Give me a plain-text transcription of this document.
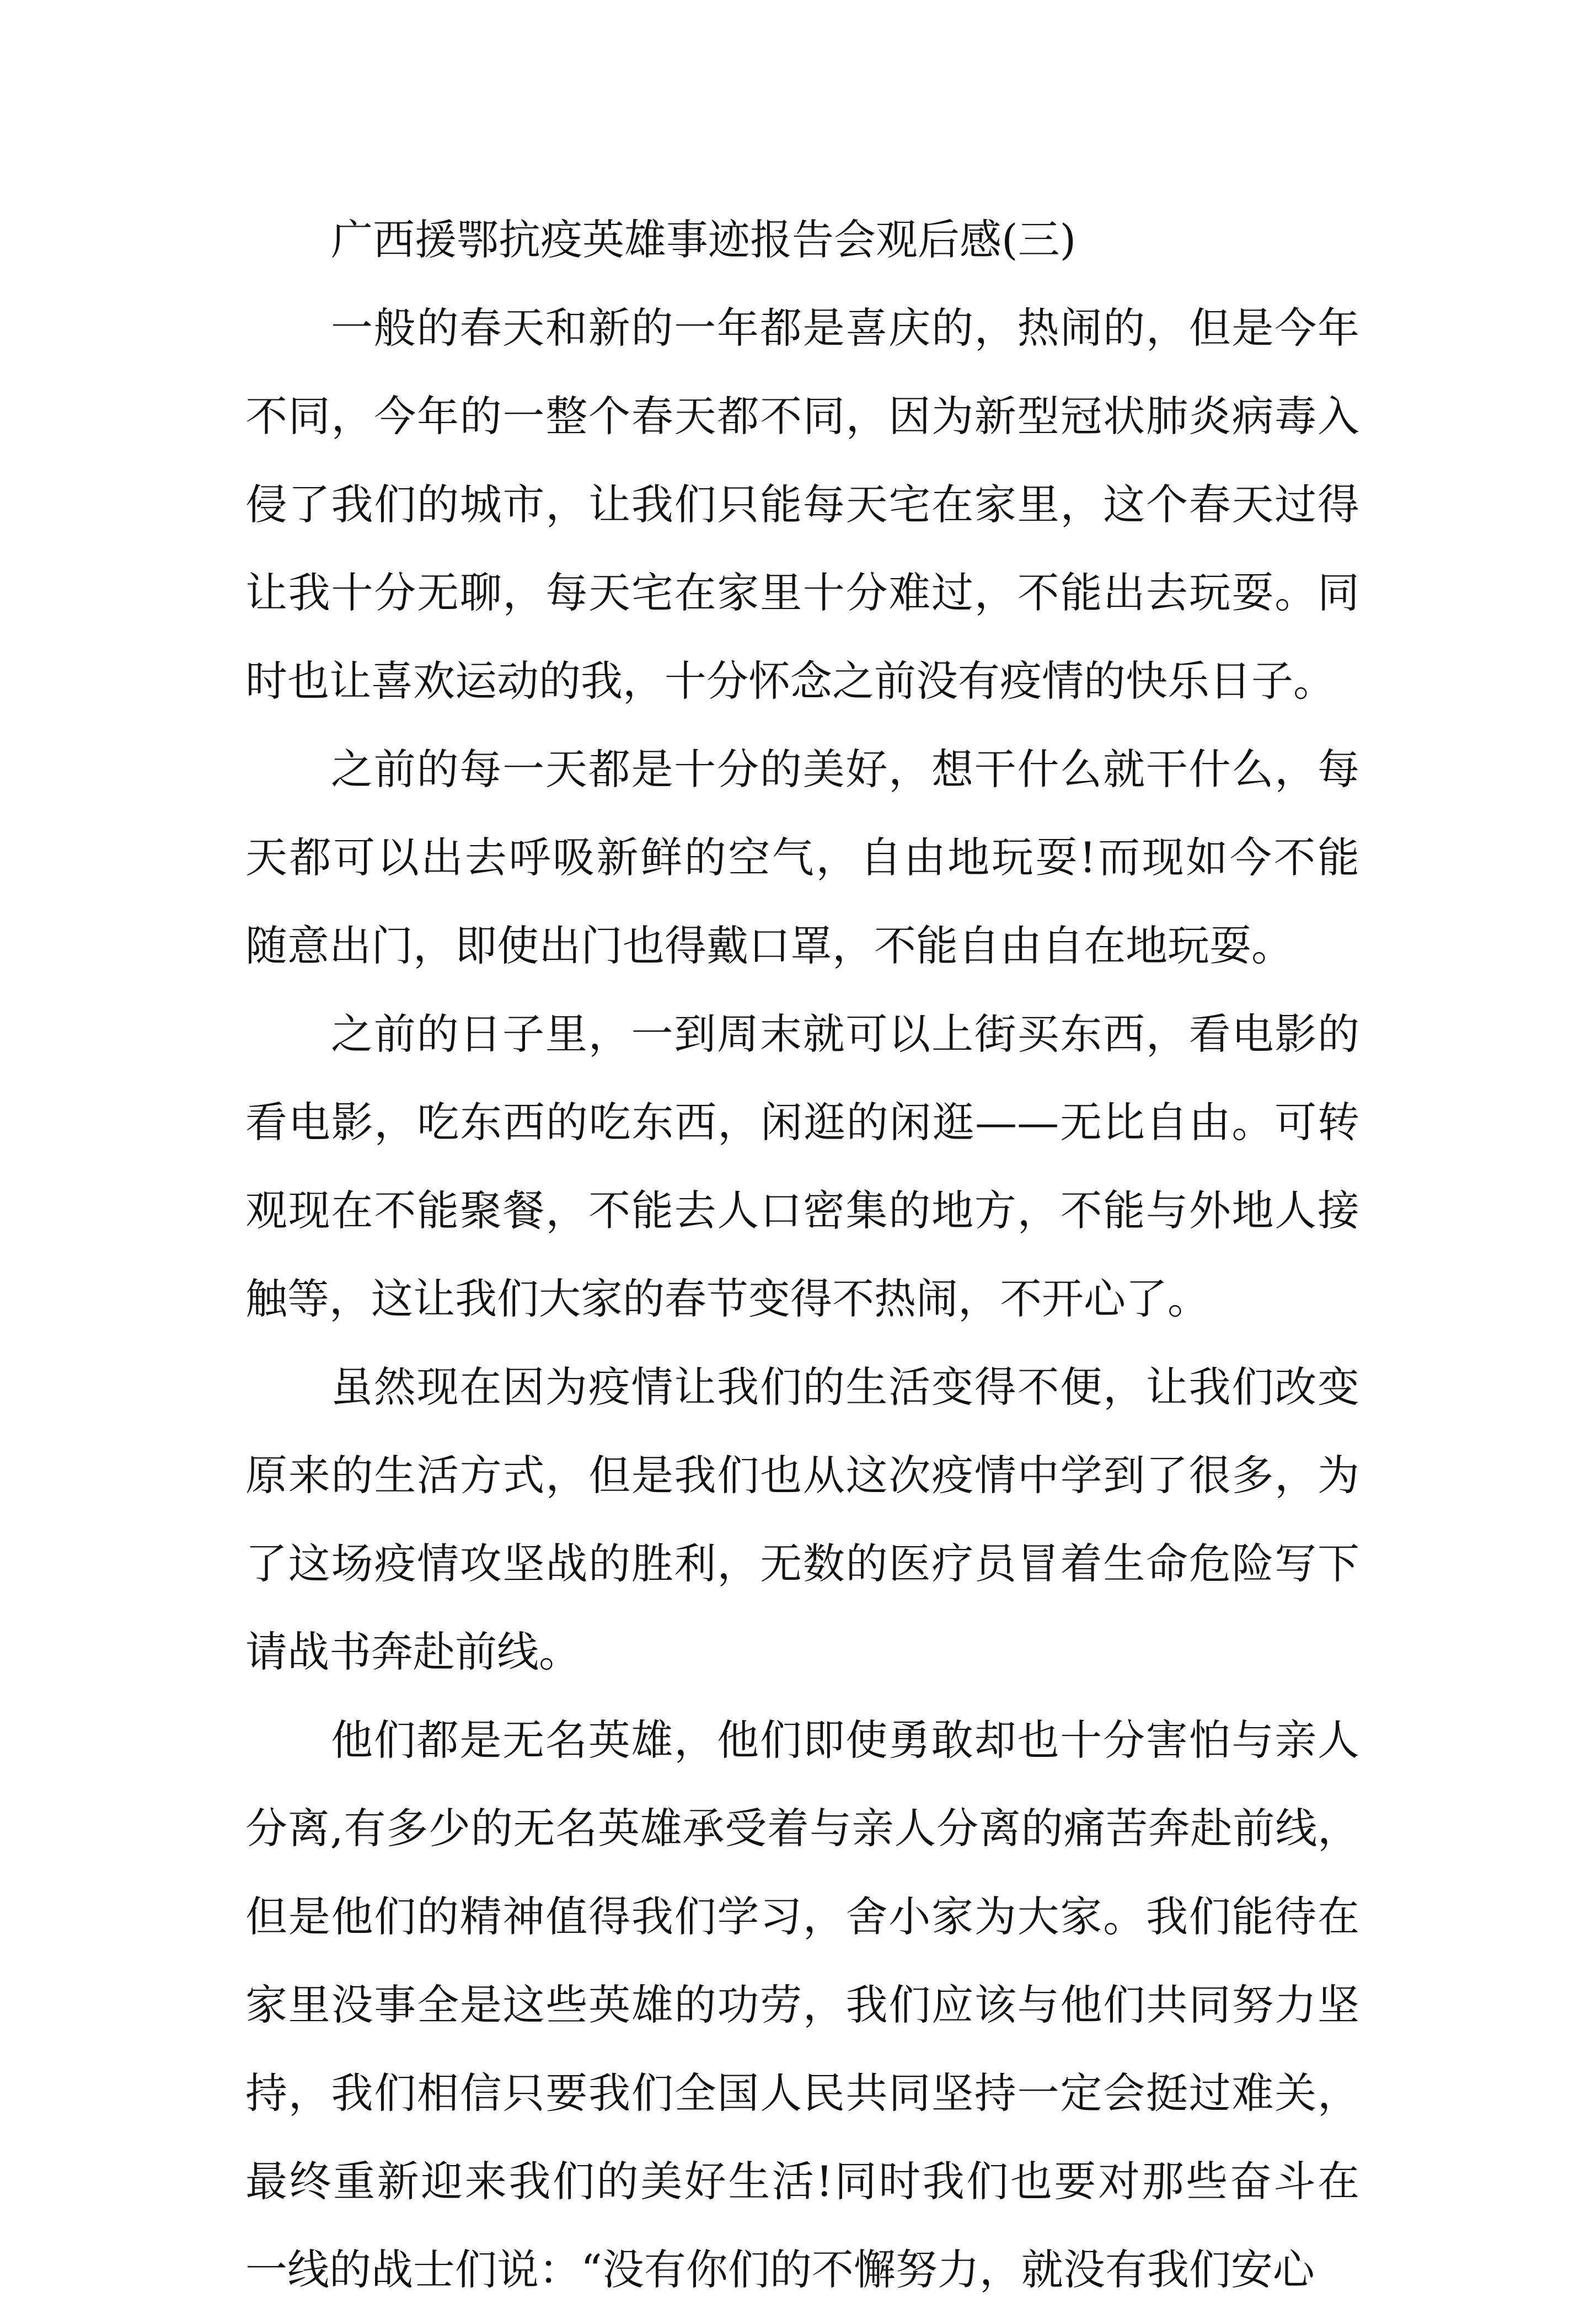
广西援鄂抗疫英雄事迹报告会观后感(三)

一般的春天和新的一年都是喜庆的，热闹的，但是今年
不同，今年的一整个春天都不同，因为新型冠状肺炎病毒入
侵了我们的城市，让我们只能每天宅在家里，这个春天过得
让我十分无聊，每天宅在家里十分难过，不能出去玩耍。同
时也让喜欢运动的我，十分怀念之前没有疫情的快乐日子。

之前的每一天都是十分的美好，想干什么就干什么，每
天都可以出去呼吸新鲜的空气，自由地玩耍!而现如今不能
随意出门，即使出门也得戴口罩，不能自由自在地玩耍。

之前的日子里，一到周末就可以上街买东西，看电影的
看电影，吃东西的吃东西，闲逛的闲逛——无比自由。可转
观现在不能聚餐，不能去人口密集的地方，不能与外地人接
触等，这让我们大家的春节变得不热闹，不开心了。

虽然现在因为疫情让我们的生活变得不便，让我们改变
原来的生活方式，但是我们也从这次疫情中学到了很多，为
了这场疫情攻坚战的胜利，无数的医疗员冒着生命危险写下
请战书奔赴前线。

他们都是无名英雄，他们即使勇敢却也十分害怕与亲人
分离,有多少的无名英雄承受着与亲人分离的痛苦奔赴前线，
但是他们的精神值得我们学习，舍小家为大家。我们能待在
家里没事全是这些英雄的功劳，我们应该与他们共同努力坚
持，我们相信只要我们全国人民共同坚持一定会挺过难关，
最终重新迎来我们的美好生活!同时我们也要对那些奋斗在
一线的战士们说：“没有你们的不懈努力，就没有我们安心
